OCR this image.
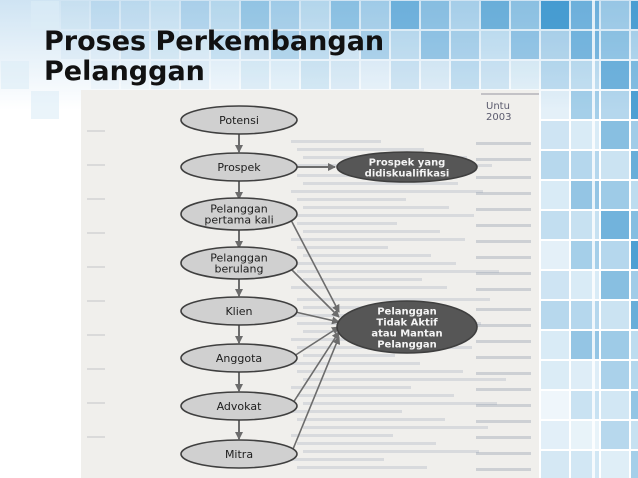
Untu
2003
Potensi
Prospek
Pelanggan
pertama kali
Pelanggan
berulang
Klien
Anggota
Advokat
Mitra
Prospek yang
didiskualifikasi
Pelanggan
Tidak Aktif
atau Mantan
Pelanggan
Proses Perkembangan
Pelanggan
